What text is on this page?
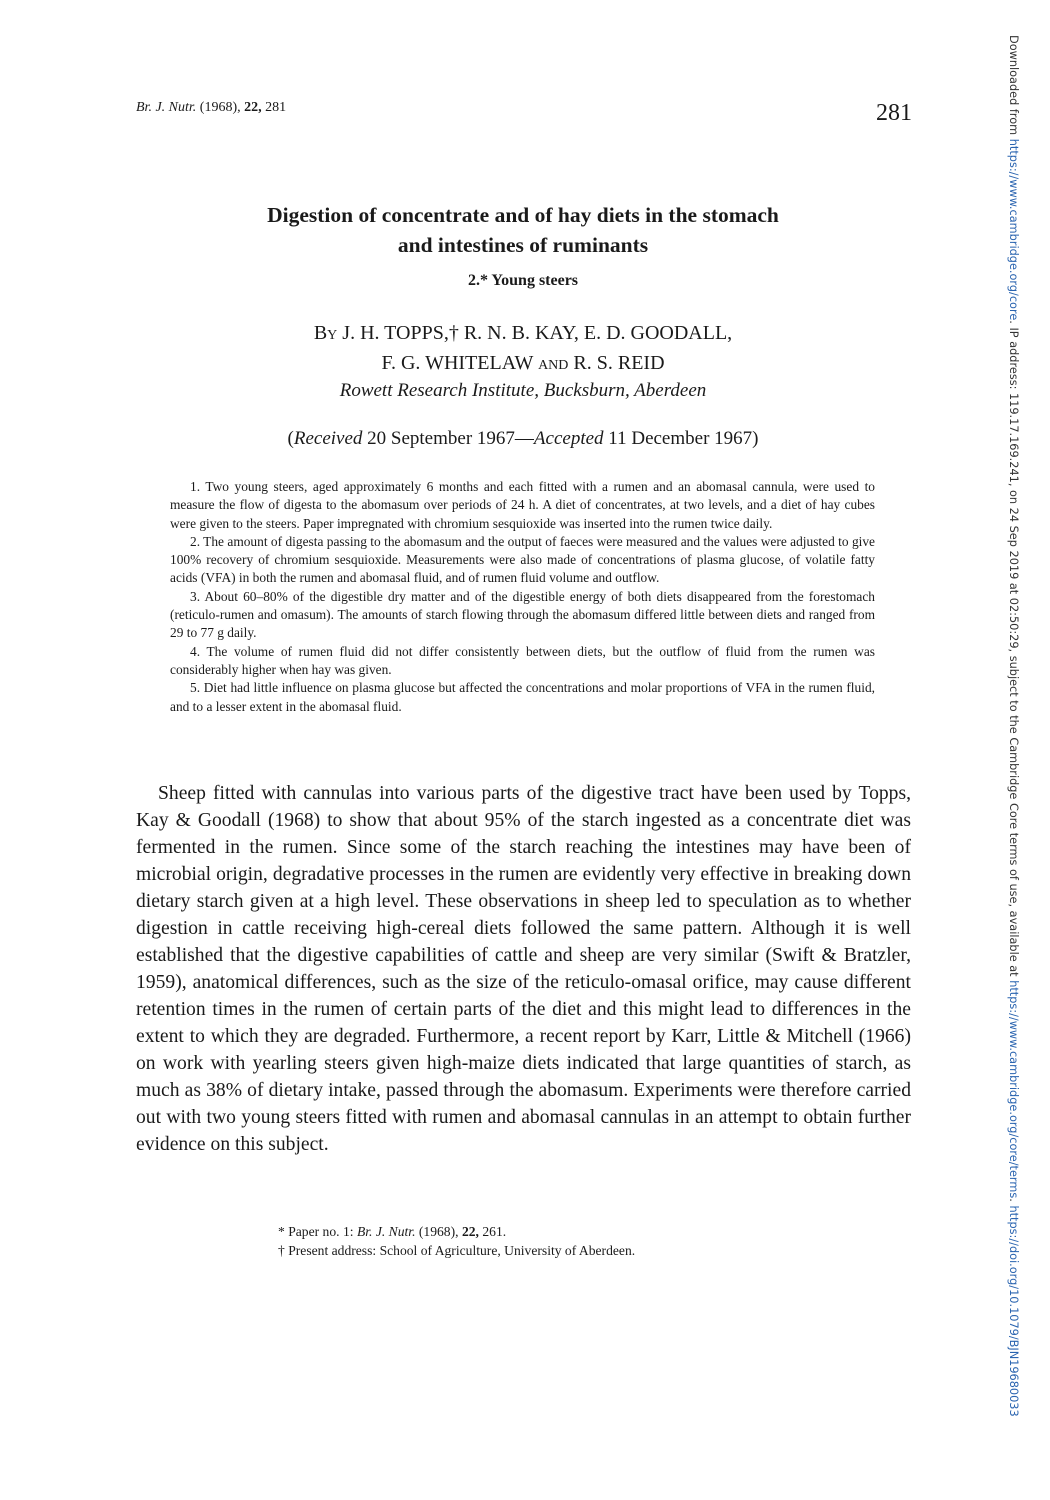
Br. J. Nutr. (1968), 22, 281	281
Digestion of concentrate and of hay diets in the stomach
and intestines of ruminants
2.* Young steers
By J. H. TOPPS,† R. N. B. KAY, E. D. GOODALL,
F. G. WHITELAW and R. S. REID
Rowett Research Institute, Bucksburn, Aberdeen
(Received 20 September 1967—Accepted 11 December 1967)

1. Two young steers, aged approximately 6 months and each fitted with a rumen and an abomasal cannula, were used to measure the flow of digesta to the abomasum over periods of 24 h. A diet of concentrates, at two levels, and a diet of hay cubes were given to the steers. Paper impregnated with chromium sesquioxide was inserted into the rumen twice daily.

2. The amount of digesta passing to the abomasum and the output of faeces were measured and the values were adjusted to give 100% recovery of chromium sesquioxide. Measurements were also made of concentrations of plasma glucose, of volatile fatty acids (VFA) in both the rumen and abomasal fluid, and of rumen fluid volume and outflow.

3. About 60–80% of the digestible dry matter and of the digestible energy of both diets disappeared from the forestomach (reticulo-rumen and omasum). The amounts of starch flowing through the abomasum differed little between diets and ranged from 29 to 77 g daily.

4. The volume of rumen fluid did not differ consistently between diets, but the outflow of fluid from the rumen was considerably higher when hay was given.

5. Diet had little influence on plasma glucose but affected the concentrations and molar proportions of VFA in the rumen fluid, and to a lesser extent in the abomasal fluid.

Sheep fitted with cannulas into various parts of the digestive tract have been used by Topps, Kay & Goodall (1968) to show that about 95% of the starch ingested as a concentrate diet was fermented in the rumen. Since some of the starch reaching the intestines may have been of microbial origin, degradative processes in the rumen are evidently very effective in breaking down dietary starch given at a high level. These observations in sheep led to speculation as to whether digestion in cattle receiving high-cereal diets followed the same pattern. Although it is well established that the digestive capabilities of cattle and sheep are very similar (Swift & Bratzler, 1959), anatomical differences, such as the size of the reticulo-omasal orifice, may cause different retention times in the rumen of certain parts of the diet and this might lead to differences in the extent to which they are degraded. Furthermore, a recent report by Karr, Little & Mitchell (1966) on work with yearling steers given high-maize diets indicated that large quantities of starch, as much as 38% of dietary intake, passed through the abomasum. Experiments were therefore carried out with two young steers fitted with rumen and abomasal cannulas in an attempt to obtain further evidence on this subject.

* Paper no. 1: Br. J. Nutr. (1968), 22, 261.
† Present address: School of Agriculture, University of Aberdeen.
Downloaded from https://www.cambridge.org/core. IP address: 119.17.169.241, on 24 Sep 2019 at 02:50:29, subject to the Cambridge Core terms of use, available at https://www.cambridge.org/core/terms. https://doi.org/10.1079/BJN19680033
